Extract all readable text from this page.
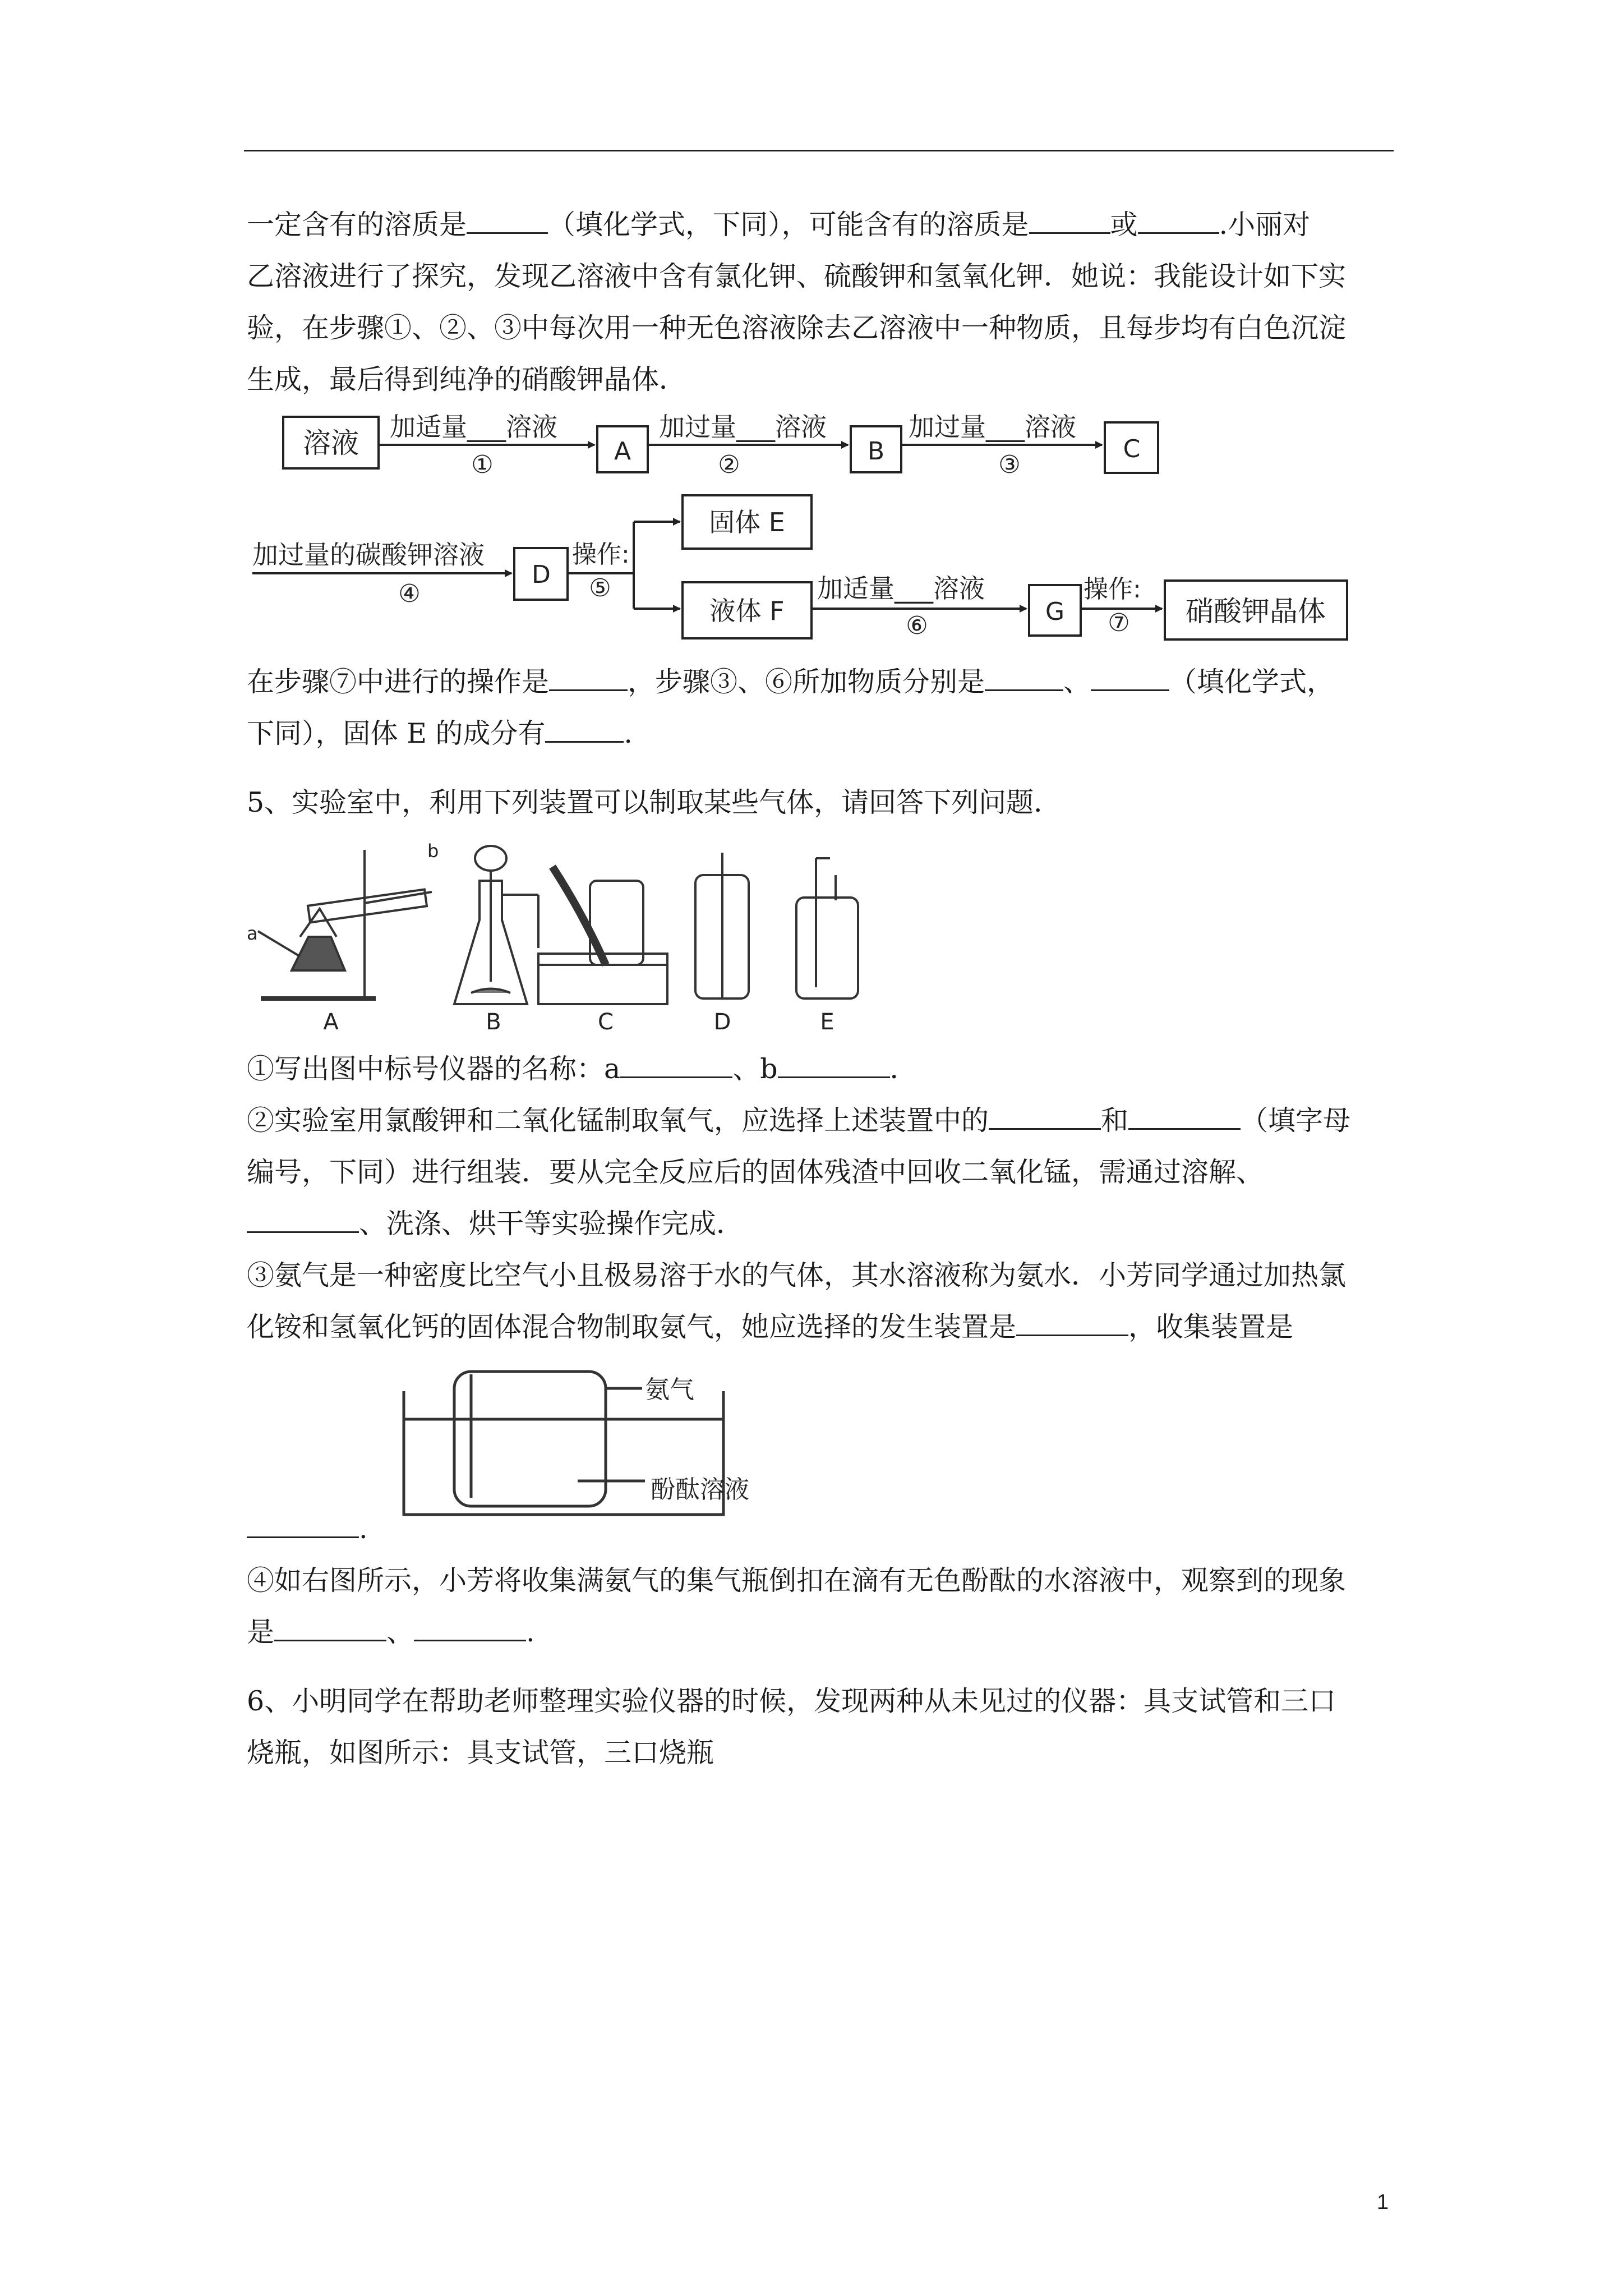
一定含有的溶质是	（填化学式，下同），可能含有的溶质是	或	.小丽对

乙溶液进行了探究，发现乙溶液中含有氯化钾、硫酸钾和氢氧化钾．她说：我能设计如下实

验，在步骤①、②、③中每次用一种无色溶液除去乙溶液中一种物质，且每步均有白色沉淀

生成，最后得到纯净的硝酸钾晶体．

溶液 加适量___溶液
①	A
加过量___溶液
②	B
加过量___溶液
③
C
加过量的碳酸钾溶液
④
D
操作:
⑤
固体 E
液体 F
加适量___溶液
⑥	G
操作:
⑦ 硝酸钾晶体

在步骤⑦中进行的操作是	，步骤③、⑥所加物质分别是	、	（填化学式，

下同），固体 E 的成分有	.

5、实验室中，利用下列装置可以制取某些气体，请回答下列问题．

a
b
A	B	C	D	E

①写出图中标号仪器的名称：a	、b	．

②实验室用氯酸钾和二氧化锰制取氧气，应选择上述装置中的	和	（填字母

编号，下同）进行组装．要从完全反应后的固体残渣中回收二氧化锰，需通过溶解、

、洗涤、烘干等实验操作完成．

③氨气是一种密度比空气小且极易溶于水的气体，其水溶液称为氨水．小芳同学通过加热氯

化铵和氢氧化钙的固体混合物制取氨气，她应选择的发生装置是	，收集装置是

氨气
酚酞溶液

.

④如右图所示，小芳将收集满氨气的集气瓶倒扣在滴有无色酚酞的水溶液中，观察到的现象

是	、	.

6、小明同学在帮助老师整理实验仪器的时候，发现两种从未见过的仪器：具支试管和三口

烧瓶，如图所示：具支试管，三口烧瓶

1
